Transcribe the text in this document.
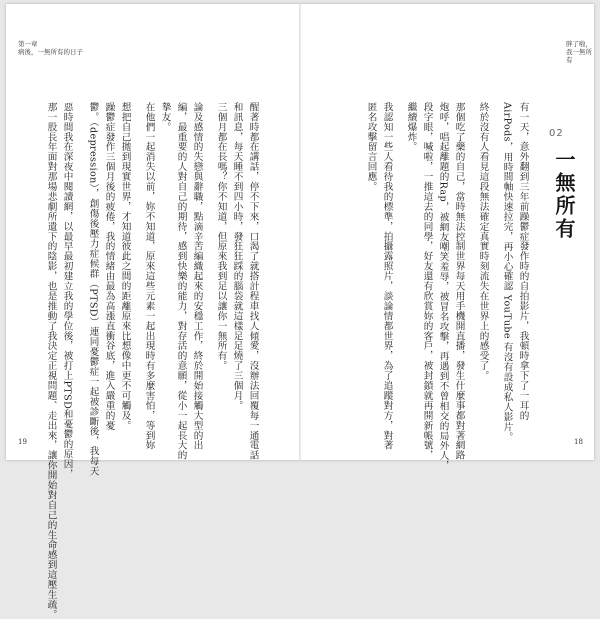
第一章
病後，一無所有的日子
那一股長年面對那場悲劇所遺下的陰影，也是推動了我決定正視問題、走出來，讓你開始對自己的生命感到這壓生疏。 惡時間我在深夜中閱讀網，以最早最初建立我的學位後，被打上PTSD和憂鬱的原因， 鬱。（depression），創傷後壓力症候群（PTSD）連同憂鬱症一起被診斷後，我每天 躁鬱症發作三個月後的疲倦，我的情緒由最為高漲直衝谷底，進入嚴重的憂 想把自己拋到現實世界，才知道彼此之間的距離原來比想像中更不可觸及。 在他們一起消失以前，妳不知道，原來這些元素一起出現時有多麼害怕，等到妳 摯友。 編，最重要的人對自己的期待，感到快樂的能力，對存活的意願，從小一起長大的 論及感情的失戀與辭職，點滴辛苦編織起來的安穩工作，終於開始接觸大型的出 三個月都在長嗎？你不知道，但原來我到足以讓你一無所有。 和訊息，每天睡不到四小時，發狂狂踩的腦袋就這樣足足燒了三個月。 醒著時都在講話，停不下來，口渴了就搭計程車找人傾愛，沒辦法回覆每一通電話
19
02
一無所有
胖了啦，
我一無所有
有一天，意外翻到三年前躁鬱症發作時的自拍影片，我頓時拿下了一耳的
AirPods，用時間軸快速拉完，再小心確認 YouTube 有沒有設成私人影片。
終於沒有人看見這段無法確定真實時刻流失在世界上的感受了。
那個吃了藥的自己，當時無法控制世界每天用手機開直播，發生什麼事都對著網路
炮呼，唱起離題的Rap，被網友嘲笑羞辱，被冒名攻擊，再遇到不曾相交的局外人，
段字眼，喊啦，一推這去的同學，好友還有欣賞妳的客戶，被封鎖就再開新帳號，
繼續爆炸。
我認知一些人看待我的標準，拍攝露照片，談論情都世界，為了追蹤對方，對著
匿名攻擊留言回應。
18
